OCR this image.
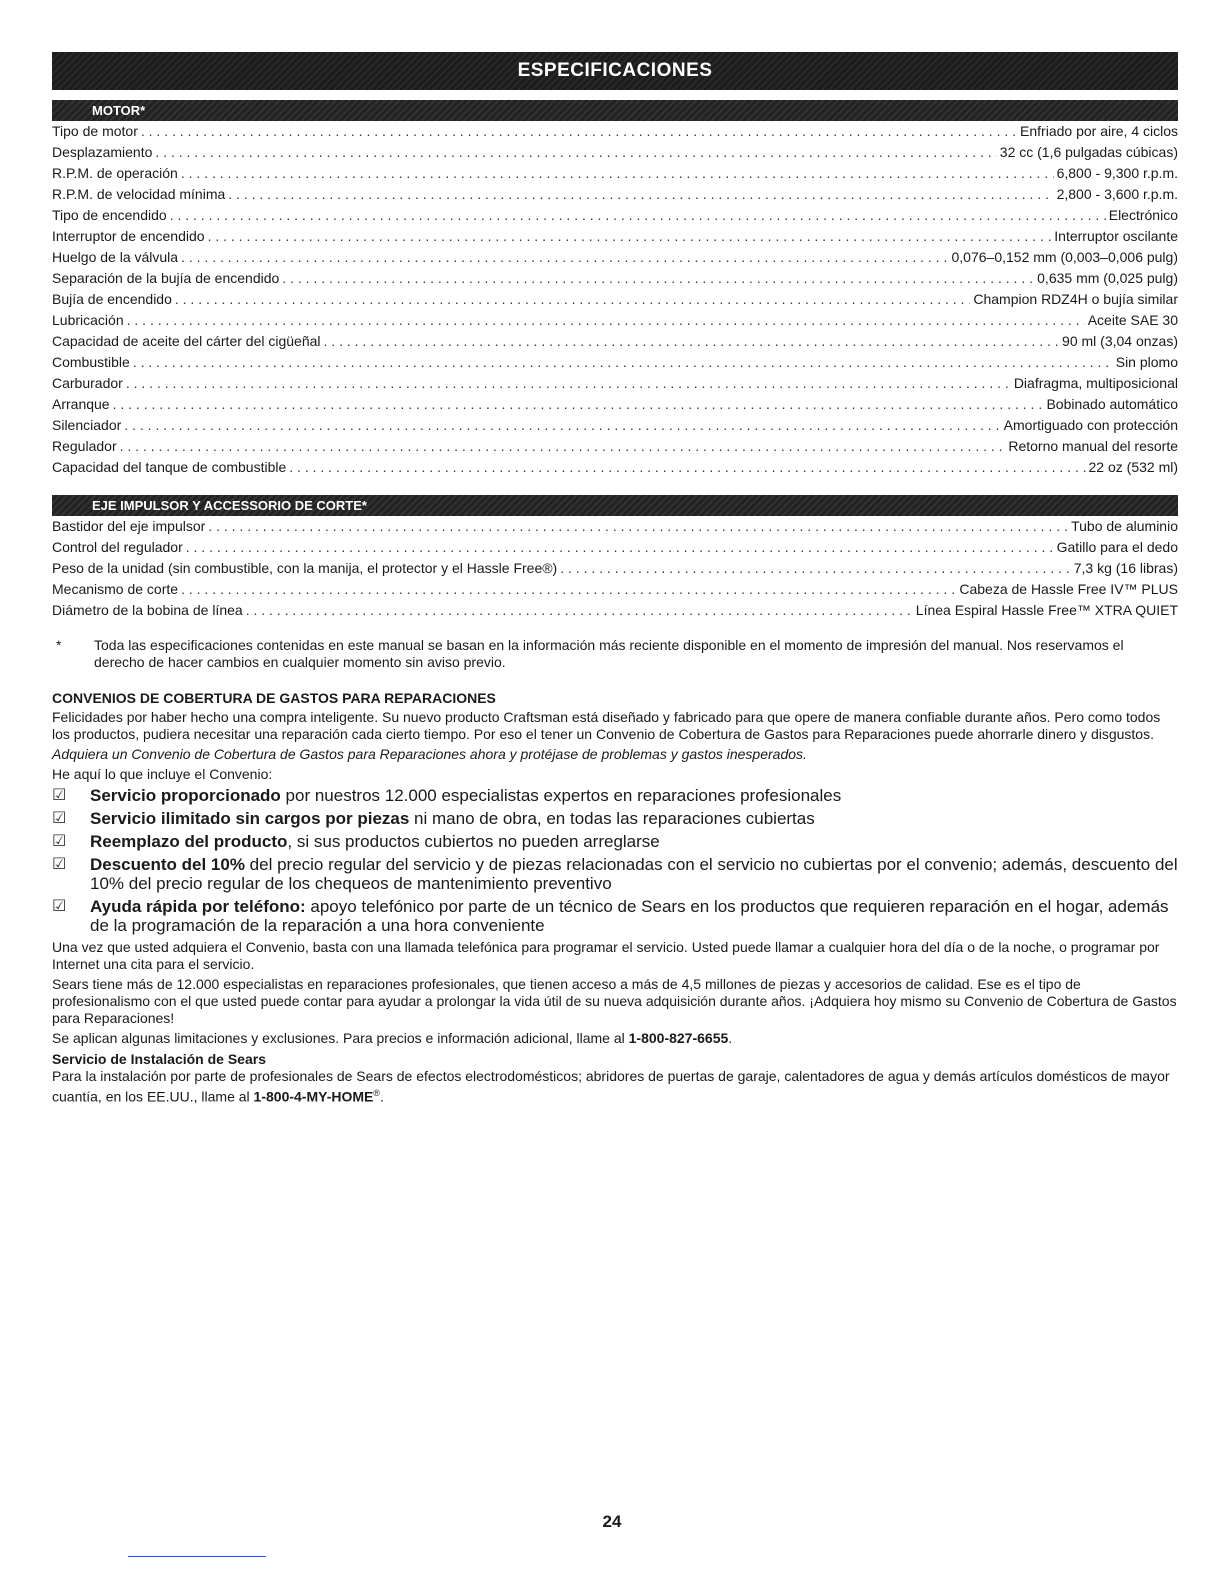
ESPECIFICACIONES
MOTOR*
Tipo de motor . . .	Enfriado por aire, 4 ciclos
Desplazamiento . . .	32 cc (1,6 pulgadas cúbicas)
R.P.M. de operación . . .	6,800 - 9,300 r.p.m.
R.P.M. de velocidad mínima . . .	2,800 - 3,600 r.p.m.
Tipo de encendido . . .	Electrónico
Interruptor de encendido . . .	Interruptor oscilante
Huelgo de la válvula . . .	0,076–0,152 mm (0,003–0,006 pulg)
Separación de la bujía de encendido . . .	0,635 mm (0,025 pulg)
Bujía de encendido . . .	Champion RDZ4H o bujía similar
Lubricación . . .	Aceite SAE 30
Capacidad de aceite del cárter del cigüeñal . . .	90 ml (3,04 onzas)
Combustible . . .	Sin plomo
Carburador . . .	Diafragma, multiposicional
Arranque . . .	Bobinado automático
Silenciador . . .	Amortiguado con protección
Regulador . . .	Retorno manual del resorte
Capacidad del tanque de combustible . . .	22 oz (532 ml)
EJE IMPULSOR Y ACCESSORIO DE CORTE*
Bastidor del eje impulsor . . .	Tubo de aluminio
Control del regulador . . .	Gatillo para el dedo
Peso de la unidad (sin combustible, con la manija, el protector y el Hassle Free®) . . .	7,3 kg (16 libras)
Mecanismo de corte . . .	Cabeza de Hassle Free IV™ PLUS
Diámetro de la bobina de línea . . .	Línea Espiral Hassle Free™ XTRA QUIET
*	Toda las especificaciones contenidas en este manual se basan en la información más reciente disponible en el momento de impresión del manual. Nos reservamos el derecho de hacer cambios en cualquier momento sin aviso previo.
CONVENIOS DE COBERTURA DE GASTOS PARA REPARACIONES

Felicidades por haber hecho una compra inteligente. Su nuevo producto Craftsman está diseñado y fabricado para que opere de manera confiable durante años. Pero como todos los productos, pudiera necesitar una reparación cada cierto tiempo. Por eso el tener un Convenio de Cobertura de Gastos para Reparaciones puede ahorrarle dinero y disgustos.

Adquiera un Convenio de Cobertura de Gastos para Reparaciones ahora y protéjase de problemas y gastos inesperados.

He aquí lo que incluye el Convenio:

☑	Servicio proporcionado por nuestros 12.000 especialistas expertos en reparaciones profesionales
☑	Servicio ilimitado sin cargos por piezas ni mano de obra, en todas las reparaciones cubiertas
☑	Reemplazo del producto, si sus productos cubiertos no pueden arreglarse
☑	Descuento del 10% del precio regular del servicio y de piezas relacionadas con el servicio no cubiertas por el convenio; además, descuento del 10% del precio regular de los chequeos de mantenimiento preventivo
☑	Ayuda rápida por teléfono: apoyo telefónico por parte de un técnico de Sears en los productos que requieren reparación en el hogar, además de la programación de la reparación a una hora conveniente

Una vez que usted adquiera el Convenio, basta con una llamada telefónica para programar el servicio. Usted puede llamar a cualquier hora del día o de la noche, o programar por Internet una cita para el servicio.

Sears tiene más de 12.000 especialistas en reparaciones profesionales, que tienen acceso a más de 4,5 millones de piezas y accesorios de calidad. Ese es el tipo de profesionalismo con el que usted puede contar para ayudar a prolongar la vida útil de su nueva adquisición durante años. ¡Adquiera hoy mismo su Convenio de Cobertura de Gastos para Reparaciones!

Se aplican algunas limitaciones y exclusiones. Para precios e información adicional, llame al 1-800-827-6655.

Servicio de Instalación de Sears

Para la instalación por parte de profesionales de Sears de efectos electrodomésticos; abridores de puertas de garaje, calentadores de agua y demás artículos domésticos de mayor cuantía, en los EE.UU., llame al 1-800-4-MY-HOME®.

24
